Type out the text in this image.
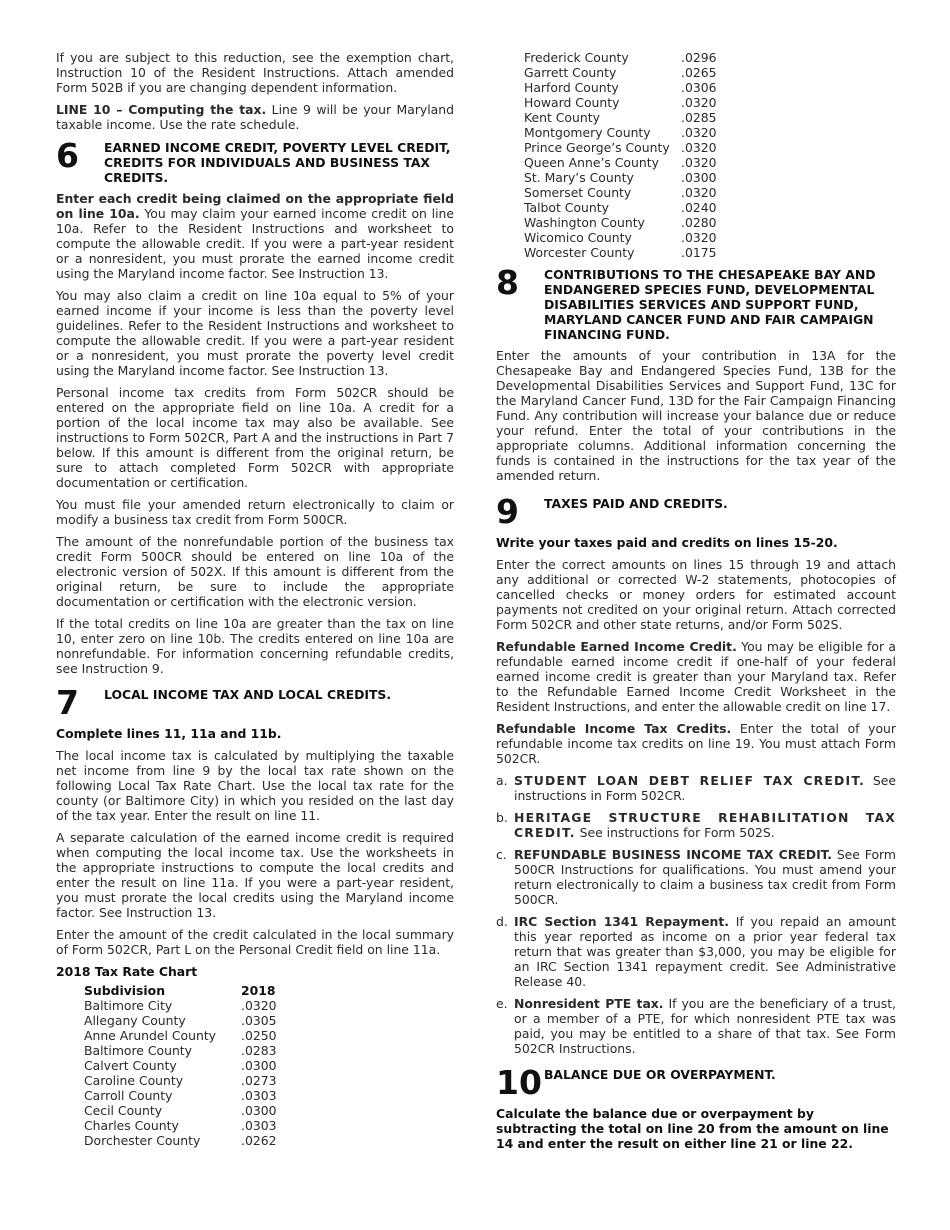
If you are subject to this reduction, see the exemption chart, Instruction 10 of the Resident Instructions. Attach amended Form 502B if you are changing dependent information.

LINE 10 – Computing the tax. Line 9 will be your Maryland taxable income. Use the rate schedule.

6	EARNED INCOME CREDIT, POVERTY LEVEL CREDIT, CREDITS FOR INDIVIDUALS AND BUSINESS TAX CREDITS.

Enter each credit being claimed on the appropriate field on line 10a. You may claim your earned income credit on line 10a. Refer to the Resident Instructions and worksheet to compute the allowable credit. If you were a part-year resident or a nonresident, you must prorate the earned income credit using the Maryland income factor. See Instruction 13.

You may also claim a credit on line 10a equal to 5% of your earned income if your income is less than the poverty level guidelines. Refer to the Resident Instructions and worksheet to compute the allowable credit. If you were a part-year resident or a nonresident, you must prorate the poverty level credit using the Maryland income factor. See Instruction 13.

Personal income tax credits from Form 502CR should be entered on the appropriate field on line 10a. A credit for a portion of the local income tax may also be available. See instructions to Form 502CR, Part A and the instructions in Part 7 below. If this amount is different from the original return, be sure to attach completed Form 502CR with appropriate documentation or certification.

You must file your amended return electronically to claim or modify a business tax credit from Form 500CR.

The amount of the nonrefundable portion of the business tax credit Form 500CR should be entered on line 10a of the electronic version of 502X. If this amount is different from the original return, be sure to include the appropriate documentation or certification with the electronic version.

If the total credits on line 10a are greater than the tax on line 10, enter zero on line 10b. The credits entered on line 10a are nonrefundable. For information concerning refundable credits, see Instruction 9.

7	LOCAL INCOME TAX AND LOCAL CREDITS.
Complete lines 11, 11a and 11b.

The local income tax is calculated by multiplying the taxable net income from line 9 by the local tax rate shown on the following Local Tax Rate Chart. Use the local tax rate for the county (or Baltimore City) in which you resided on the last day of the tax year. Enter the result on line 11.

A separate calculation of the earned income credit is required when computing the local income tax. Use the worksheets in the appropriate instructions to compute the local credits and enter the result on line 11a. If you were a part-year resident, you must prorate the local credits using the Maryland income factor. See Instruction 13.

Enter the amount of the credit calculated in the local summary of Form 502CR, Part L on the Personal Credit field on line 11a.

2018 Tax Rate Chart
Subdivision	2018
Baltimore City	.0320
Allegany County	.0305
Anne Arundel County	.0250
Baltimore County	.0283
Calvert County	.0300
Caroline County	.0273
Carroll County	.0303
Cecil County	.0300
Charles County	.0303
Dorchester County	.0262
Frederick County	.0296
Garrett County	.0265
Harford County	.0306
Howard County	.0320
Kent County	.0285
Montgomery County	.0320
Prince George’s County	.0320
Queen Anne’s County	.0320
St. Mary’s County	.0300
Somerset County	.0320
Talbot County	.0240
Washington County	.0280
Wicomico County	.0320
Worcester County	.0175
8	CONTRIBUTIONS TO THE CHESAPEAKE BAY AND ENDANGERED SPECIES FUND, DEVELOPMENTAL DISABILITIES SERVICES AND SUPPORT FUND, MARYLAND CANCER FUND AND FAIR CAMPAIGN FINANCING FUND.

Enter the amounts of your contribution in 13A for the Chesapeake Bay and Endangered Species Fund, 13B for the Developmental Disabilities Services and Support Fund, 13C for the Maryland Cancer Fund, 13D for the Fair Campaign Financing Fund. Any contribution will increase your balance due or reduce your refund. Enter the total of your contributions in the appropriate columns. Additional information concerning the funds is contained in the instructions for the tax year of the amended return.

9	TAXES PAID AND CREDITS.
Write your taxes paid and credits on lines 15-20.

Enter the correct amounts on lines 15 through 19 and attach any additional or corrected W-2 statements, photocopies of cancelled checks or money orders for estimated account payments not credited on your original return. Attach corrected Form 502CR and other state returns, and/or Form 502S.

Refundable Earned Income Credit. You may be eligible for a refundable earned income credit if one-half of your federal earned income credit is greater than your Maryland tax. Refer to the Refundable Earned Income Credit Worksheet in the Resident Instructions, and enter the allowable credit on line 17.

Refundable Income Tax Credits. Enter the total of your refundable income tax credits on line 19. You must attach Form 502CR.

a. STUDENT LOAN DEBT RELIEF TAX CREDIT. See instructions in Form 502CR.
b. HERITAGE STRUCTURE REHABILITATION TAX CREDIT. See instructions for Form 502S.
c. REFUNDABLE BUSINESS INCOME TAX CREDIT. See Form 500CR Instructions for qualifications. You must amend your return electronically to claim a business tax credit from Form 500CR.
d. IRC Section 1341 Repayment. If you repaid an amount this year reported as income on a prior year federal tax return that was greater than $3,000, you may be eligible for an IRC Section 1341 repayment credit. See Administrative Release 40.
e. Nonresident PTE tax. If you are the beneficiary of a trust, or a member of a PTE, for which nonresident PTE tax was paid, you may be entitled to a share of that tax. See Form 502CR Instructions.
10 BALANCE DUE OR OVERPAYMENT.

Calculate the balance due or overpayment by subtracting the total on line 20 from the amount on line 14 and enter the result on either line 21 or line 22.
